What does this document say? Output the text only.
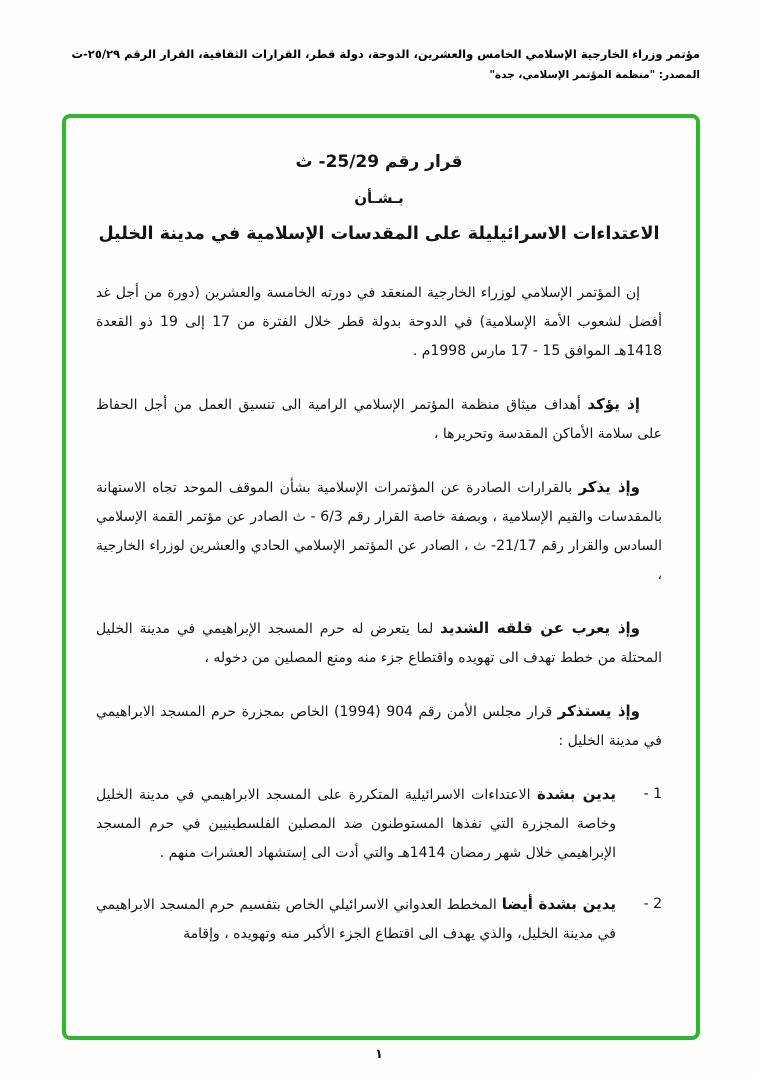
مؤتمر وزراء الخارجية الإسلامي الخامس والعشرين، الدوحة، دولة قطر، القرارات الثقافية، القرار الرقم ٢٥/٢٩-ث
المصدر: "منظمة المؤتمر الإسلامي، جدة"
قرار رقم 25/29- ث
بـشـأن
الاعتداءات الاسرائيليلة على المقدسات الإسلامية في مدينة الخليل

إن المؤتمر الإسلامي لوزراء الخارجية المنعقد في دورته الخامسة والعشرين (دورة من أجل غد أفضل لشعوب الأمة الإسلامية) في الدوحة بدولة قطر خلال الفترة من 17 إلى 19 ذو القعدة 1418هـ الموافق 15 - 17 مارس 1998م .

إذ يؤكد أهداف ميثاق منظمة المؤتمر الإسلامي الرامية الى تنسيق العمل من أجل الحفاظ على سلامة الأماكن المقدسة وتحريرها ،

وإذ يذكر بالقرارات الصادرة عن المؤتمرات الإسلامية بشأن الموقف الموحد تجاه الاستهانة بالمقدسات والقيم الإسلامية ، وبصفة خاصة القرار رقم 6/3 - ث الصادر عن مؤتمر القمة الإسلامي السادس والقرار رقم 21/17- ث ، الصادر عن المؤتمر الإسلامي الحادي والعشرين لوزراء الخارجية ،

وإذ يعرب عن قلقه الشديد لما يتعرض له حرم المسجد الإبراهيمي في مدينة الخليل المحتلة من خطط تهدف الى تهويده واقتطاع جزء منه ومنع المصلين من دخوله ،

وإذ يستذكر قرار مجلس الأمن رقم 904 (1994) الخاص بمجزرة حرم المسجد الابراهيمي في مدينة الخليل :

1 -
يدين بشدة الاعتداءات الاسرائيلية المتكررة على المسجد الابراهيمي في مدينة الخليل وخاصة المجزرة التي نفذها المستوطنون ضد المصلين الفلسطينيين في حرم المسجد الإبراهيمي خلال شهر رمضان 1414هـ والتي أدت الى إستشهاد العشرات منهم .
2 -
يدين بشدة أيضا المخطط العدواني الاسرائيلي الخاص بتقسيم حرم المسجد الابراهيمي في مدينة الخليل، والذي يهدف الى اقتطاع الجزء الأكبر منه وتهويده ، وإقامة
١
